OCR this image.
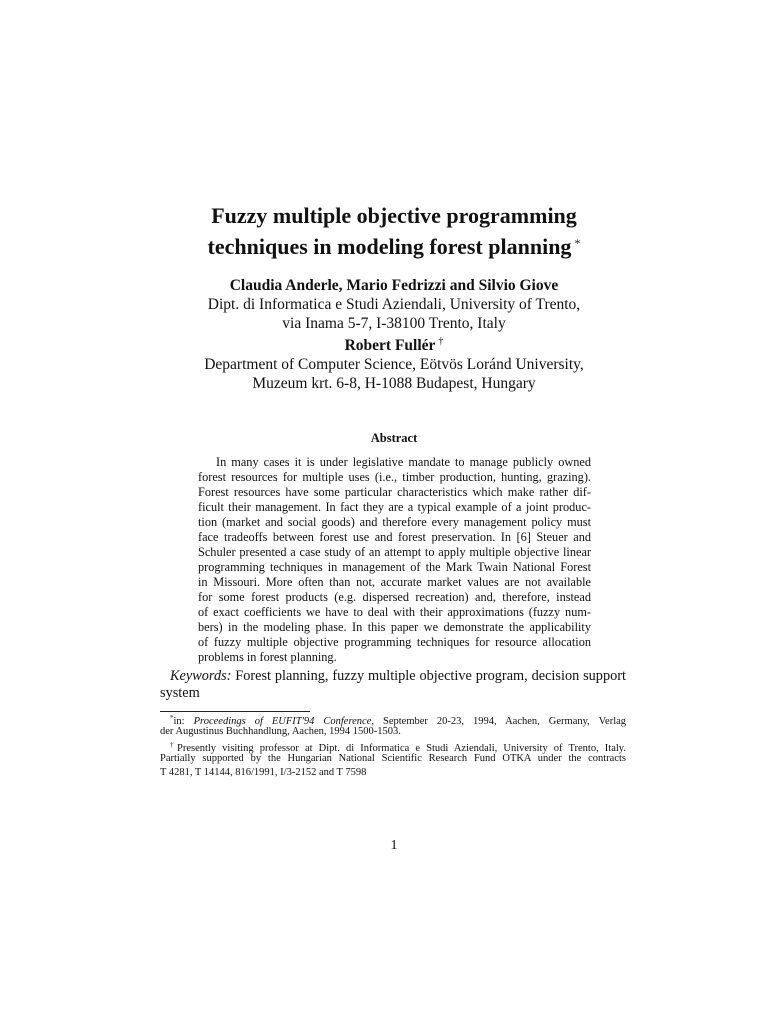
Fuzzy multiple objective programming
techniques in modeling forest planning *
Claudia Anderle, Mario Fedrizzi and Silvio Giove
Dipt. di Informatica e Studi Aziendali, University of Trento,
via Inama 5-7, I-38100 Trento, Italy
Robert Fullér †
Department of Computer Science, Eötvös Loránd University,
Muzeum krt. 6-8, H-1088 Budapest, Hungary
Abstract
In many cases it is under legislative mandate to manage publicly owned
forest resources for multiple uses (i.e., timber production, hunting, grazing).
Forest resources have some particular characteristics which make rather dif-
ficult their management. In fact they are a typical example of a joint produc-
tion (market and social goods) and therefore every management policy must
face tradeoffs between forest use and forest preservation. In [6] Steuer and
Schuler presented a case study of an attempt to apply multiple objective linear
programming techniques in management of the Mark Twain National Forest
in Missouri. More often than not, accurate market values are not available
for some forest products (e.g. dispersed recreation) and, therefore, instead
of exact coefficients we have to deal with their approximations (fuzzy num-
bers) in the modeling phase. In this paper we demonstrate the applicability
of fuzzy multiple objective programming techniques for resource allocation
problems in forest planning.
Keywords: Forest planning, fuzzy multiple objective program, decision support
system
*in: Proceedings of EUFIT'94 Conference, September 20-23, 1994, Aachen, Germany, Verlag
der Augustinus Buchhandlung, Aachen, 1994 1500-1503.
†Presently visiting professor at Dipt. di Informatica e Studi Aziendali, University of Trento, Italy.
Partially supported by the Hungarian National Scientific Research Fund OTKA under the contracts
T 4281, T 14144, 816/1991, I/3-2152 and T 7598
1
